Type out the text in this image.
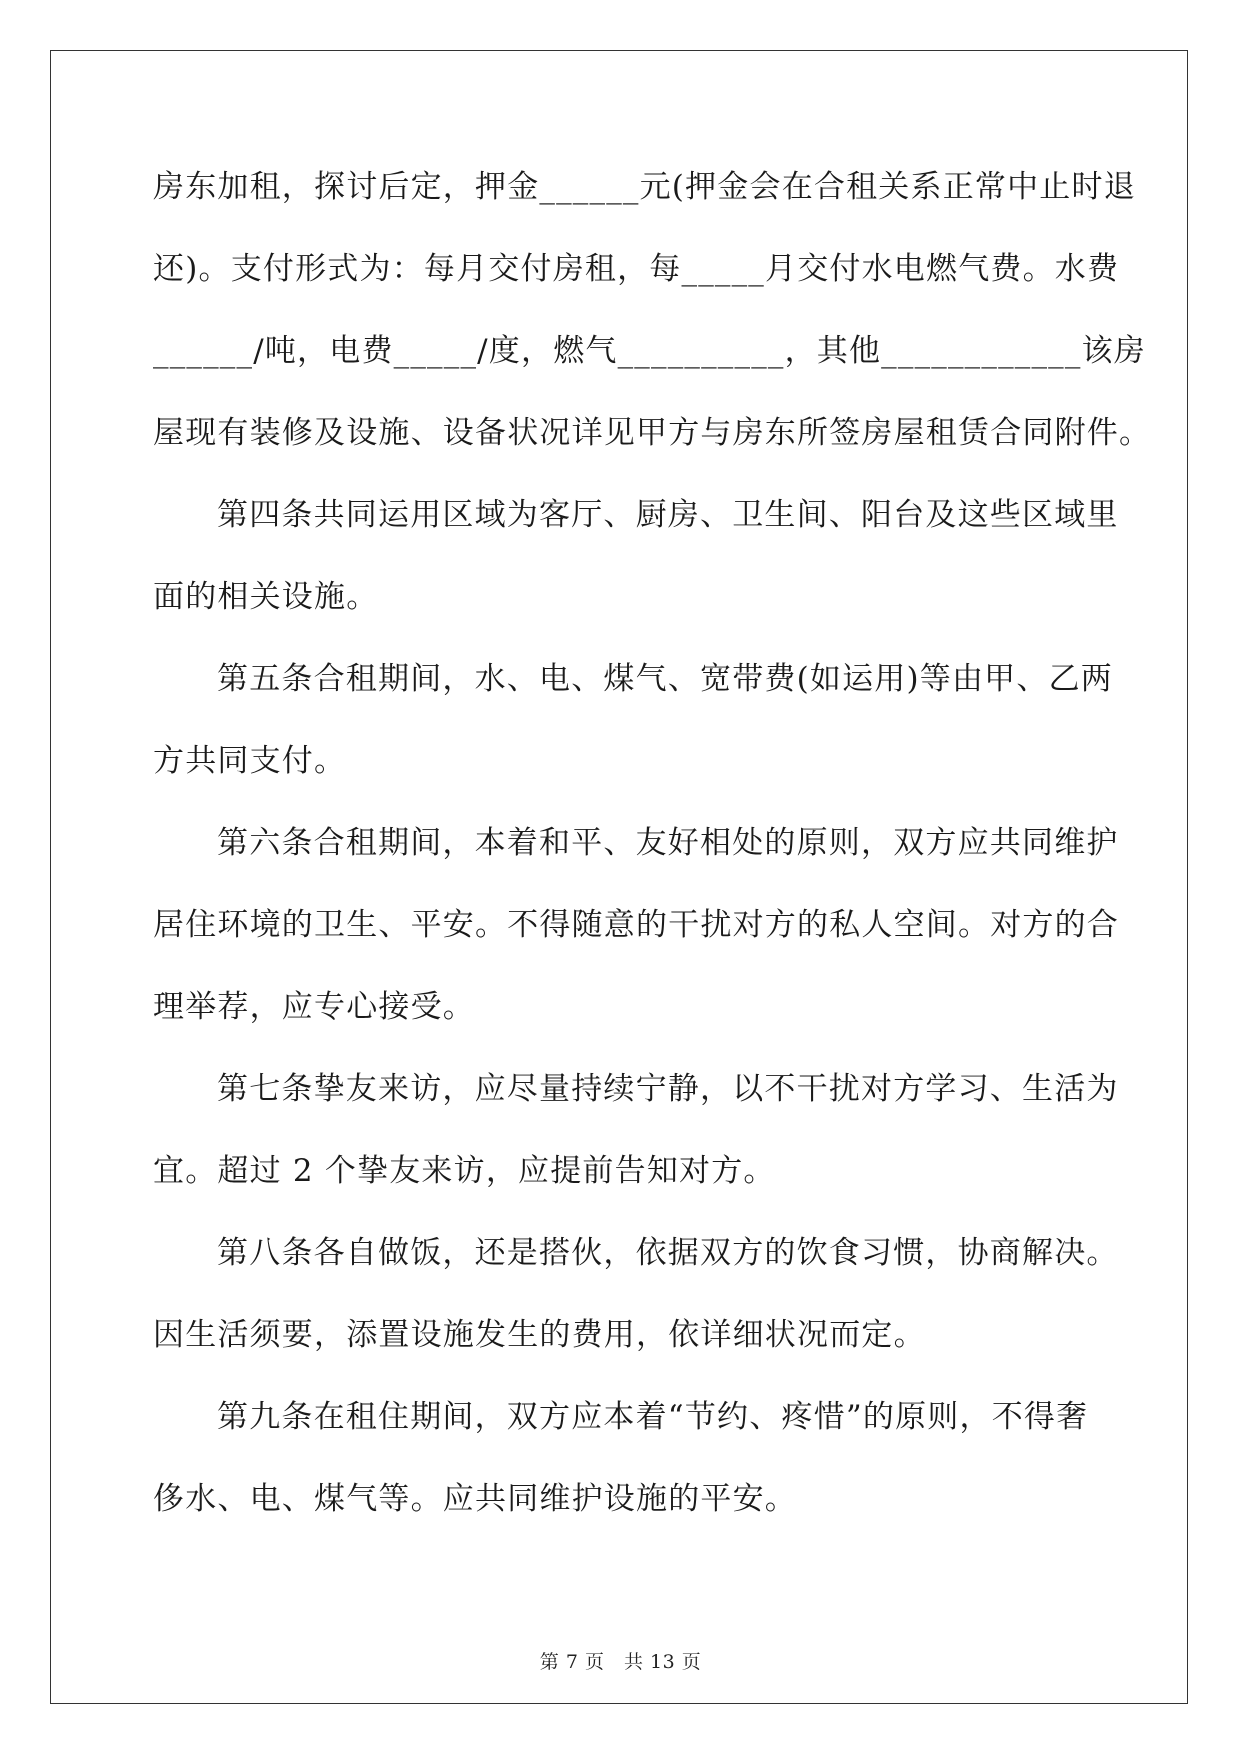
房东加租，探讨后定，押金______元(押金会在合租关系正常中止时退
还)。支付形式为：每月交付房租，每_____月交付水电燃气费。水费
______/吨，电费_____/度，燃气__________，其他____________该房
屋现有装修及设施、设备状况详见甲方与房东所签房屋租赁合同附件。
第四条共同运用区域为客厅、厨房、卫生间、阳台及这些区域里
面的相关设施。
第五条合租期间，水、电、煤气、宽带费(如运用)等由甲、乙两
方共同支付。
第六条合租期间，本着和平、友好相处的原则，双方应共同维护
居住环境的卫生、平安。不得随意的干扰对方的私人空间。对方的合
理举荐，应专心接受。
第七条挚友来访，应尽量持续宁静，以不干扰对方学习、生活为
宜。超过 2 个挚友来访，应提前告知对方。
第八条各自做饭，还是搭伙，依据双方的饮食习惯，协商解决。
因生活须要，添置设施发生的费用，依详细状况而定。
第九条在租住期间，双方应本着“节约、疼惜”的原则，不得奢
侈水、电、煤气等。应共同维护设施的平安。
第 7 页　共 13 页
